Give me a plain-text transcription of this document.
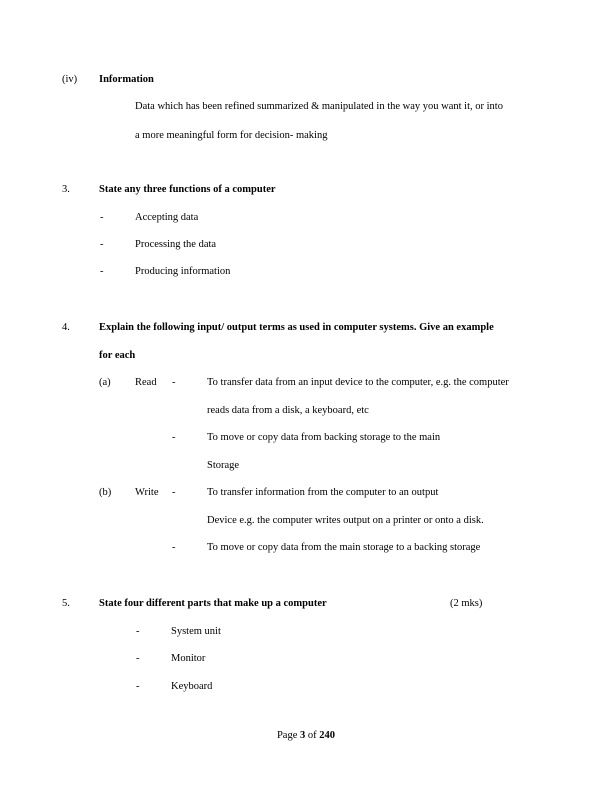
(iv) Information
Data which has been refined summarized & manipulated in the way you want it, or into
a more meaningful form for decision- making
3.	State any three functions of a computer
-	Accepting data
-	Processing the data
-	Producing information
4.	Explain the following input/ output terms as used in computer systems. Give an example
for each
(a) Read -	To transfer data from an input device to the computer, e.g. the computer
reads data from a disk, a keyboard, etc
-	To move or copy data from backing storage to the main
Storage
(b) Write -	To transfer information from the computer to an output
Device e.g. the computer writes output on a printer or onto a disk.
-	To move or copy data from the main storage to a backing storage
5.	State four different parts that make up a computer	(2 mks)
-	System unit
-	Monitor
-	Keyboard
Page 3 of 240
